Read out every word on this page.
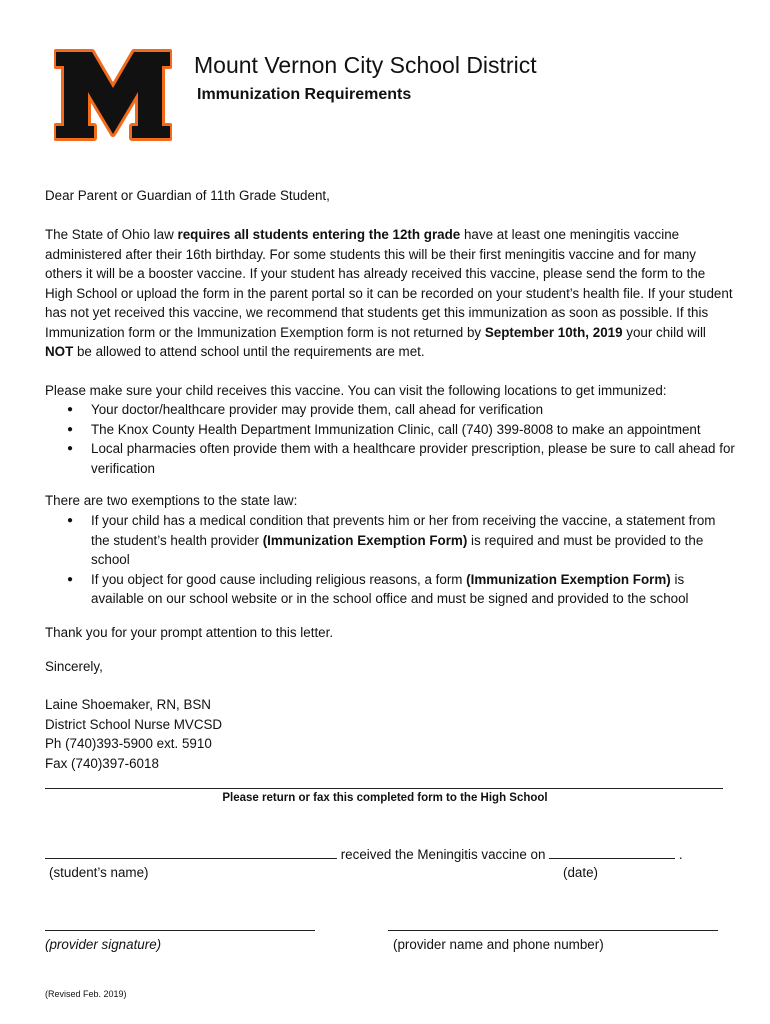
Mount Vernon City School District
Immunization Requirements
Dear Parent or Guardian of 11th Grade Student,
The State of Ohio law requires all students entering the 12th grade have at least one meningitis vaccine administered after their 16th birthday. For some students this will be their first meningitis vaccine and for many others it will be a booster vaccine. If your student has already received this vaccine, please send the form to the High School or upload the form in the parent portal so it can be recorded on your student’s health file. If your student has not yet received this vaccine, we recommend that students get this immunization as soon as possible. If this Immunization form or the Immunization Exemption form is not returned by September 10th, 2019 your child will NOT be allowed to attend school until the requirements are met.
Please make sure your child receives this vaccine. You can visit the following locations to get immunized:
● Your doctor/healthcare provider may provide them, call ahead for verification
● The Knox County Health Department Immunization Clinic, call (740) 399-8008 to make an appointment
● Local pharmacies often provide them with a healthcare provider prescription, please be sure to call ahead for verification
There are two exemptions to the state law:
● If your child has a medical condition that prevents him or her from receiving the vaccine, a statement from the student’s health provider (Immunization Exemption Form) is required and must be provided to the school
● If you object for good cause including religious reasons, a form (Immunization Exemption Form) is available on our school website or in the school office and must be signed and provided to the school
Thank you for your prompt attention to this letter.
Sincerely,
Laine Shoemaker, RN, BSN
District School Nurse MVCSD
Ph (740)393-5900 ext. 5910
Fax (740)397-6018
Please return or fax this completed form to the High School
received the Meningitis vaccine on	.
(student’s name)	(date)
(provider signature)	(provider name and phone number)
(Revised Feb. 2019)
